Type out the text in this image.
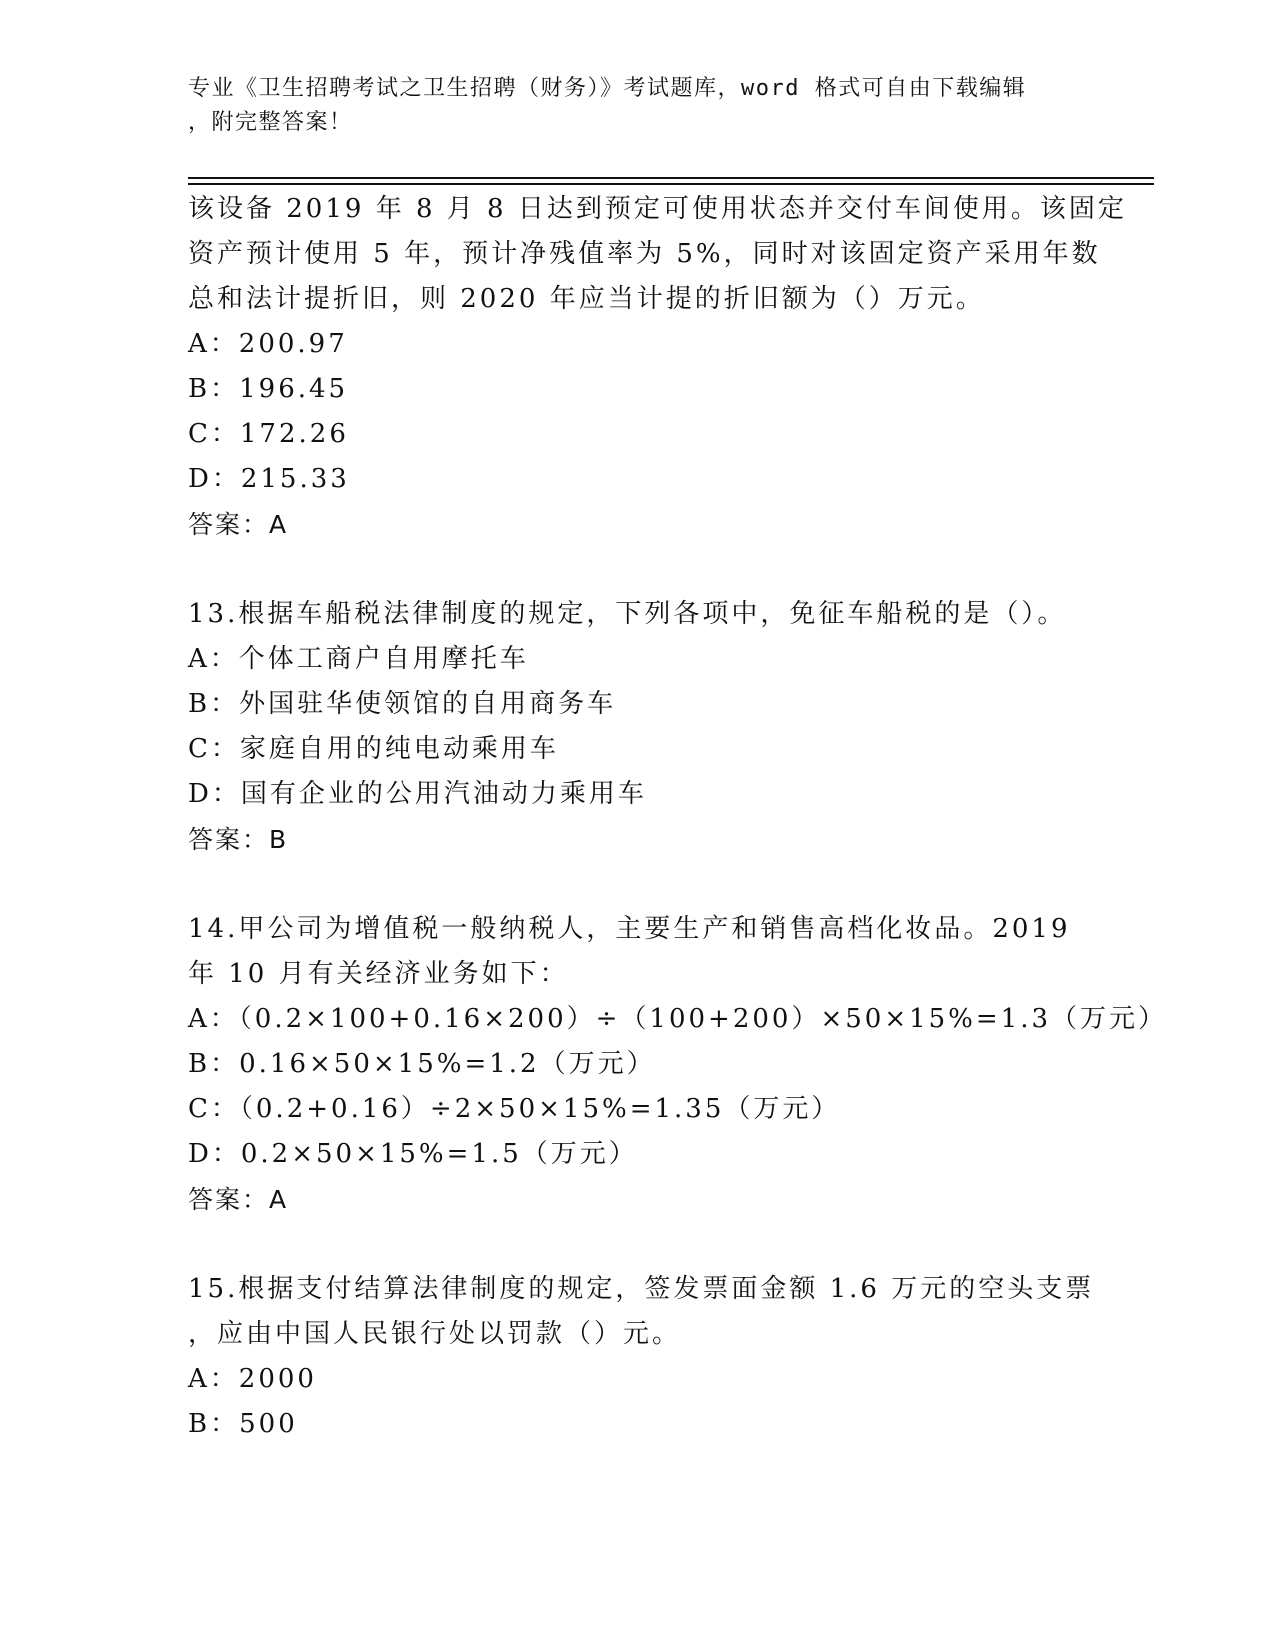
专业《卫生招聘考试之卫生招聘（财务）》考试题库，word 格式可自由下载编辑
，附完整答案！
该设备 2019 年 8 月 8 日达到预定可使用状态并交付车间使用。该固定
资产预计使用 5 年，预计净残值率为 5%，同时对该固定资产采用年数
总和法计提折旧，则 2020 年应当计提的折旧额为（）万元。
A：200.97
B：196.45
C：172.26
D：215.33
答案：A
13.根据车船税法律制度的规定，下列各项中，免征车船税的是（）。
A：个体工商户自用摩托车
B：外国驻华使领馆的自用商务车
C：家庭自用的纯电动乘用车
D：国有企业的公用汽油动力乘用车
答案：B
14.甲公司为增值税一般纳税人，主要生产和销售高档化妆品。2019
年 10 月有关经济业务如下：
A：（0.2×100+0.16×200）÷（100+200）×50×15%=1.3（万元）
B：0.16×50×15%=1.2（万元）
C：（0.2+0.16）÷2×50×15%=1.35（万元）
D：0.2×50×15%=1.5（万元）
答案：A
15.根据支付结算法律制度的规定，签发票面金额 1.6 万元的空头支票
，应由中国人民银行处以罚款（）元。
A：2000
B：500
